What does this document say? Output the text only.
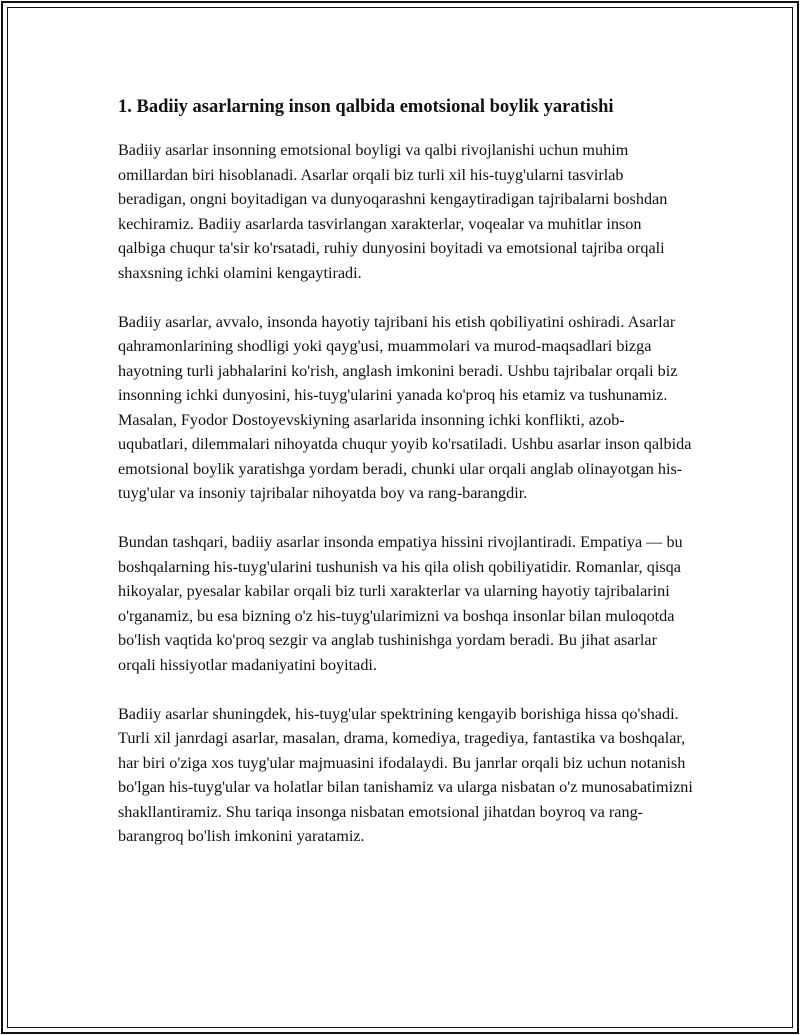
1. Badiiy asarlarning inson qalbida emotsional boylik yaratishi

Badiiy asarlar insonning emotsional boyligi va qalbi rivojlanishi uchun muhim omillardan biri hisoblanadi. Asarlar orqali biz turli xil his-tuyg'ularni tasvirlab beradigan, ongni boyitadigan va dunyoqarashni kengaytiradigan tajribalarni boshdan kechiramiz. Badiiy asarlarda tasvirlangan xarakterlar, voqealar va muhitlar inson qalbiga chuqur ta'sir ko'rsatadi, ruhiy dunyosini boyitadi va emotsional tajriba orqali shaxsning ichki olamini kengaytiradi.

Badiiy asarlar, avvalo, insonda hayotiy tajribani his etish qobiliyatini oshiradi. Asarlar qahramonlarining shodligi yoki qayg'usi, muammolari va murod-maqsadlari bizga hayotning turli jabhalarini ko'rish, anglash imkonini beradi. Ushbu tajribalar orqali biz insonning ichki dunyosini, his-tuyg'ularini yanada ko'proq his etamiz va tushunamiz. Masalan, Fyodor Dostoyevskiyning asarlarida insonning ichki konflikti, azob-uqubatlari, dilemmalari nihoyatda chuqur yoyib ko'rsatiladi. Ushbu asarlar inson qalbida emotsional boylik yaratishga yordam beradi, chunki ular orqali anglab olinayotgan his-tuyg'ular va insoniy tajribalar nihoyatda boy va rang-barangdir.

Bundan tashqari, badiiy asarlar insonda empatiya hissini rivojlantiradi. Empatiya — bu boshqalarning his-tuyg'ularini tushunish va his qila olish qobiliyatidir. Romanlar, qisqa hikoyalar, pyesalar kabilar orqali biz turli xarakterlar va ularning hayotiy tajribalarini o'rganamiz, bu esa bizning o'z his-tuyg'ularimizni va boshqa insonlar bilan muloqotda bo'lish vaqtida ko'proq sezgir va anglab tushinishga yordam beradi. Bu jihat asarlar orqali hissiyotlar madaniyatini boyitadi.

Badiiy asarlar shuningdek, his-tuyg'ular spektrining kengayib borishiga hissa qo'shadi. Turli xil janrdagi asarlar, masalan, drama, komediya, tragediya, fantastika va boshqalar, har biri o'ziga xos tuyg'ular majmuasini ifodalaydi. Bu janrlar orqali biz uchun notanish bo'lgan his-tuyg'ular va holatlar bilan tanishamiz va ularga nisbatan o'z munosabatimizni shakllantiramiz. Shu tariqa insonga nisbatan emotsional jihatdan boyroq va rang-barangroq bo'lish imkonini yaratamiz.
